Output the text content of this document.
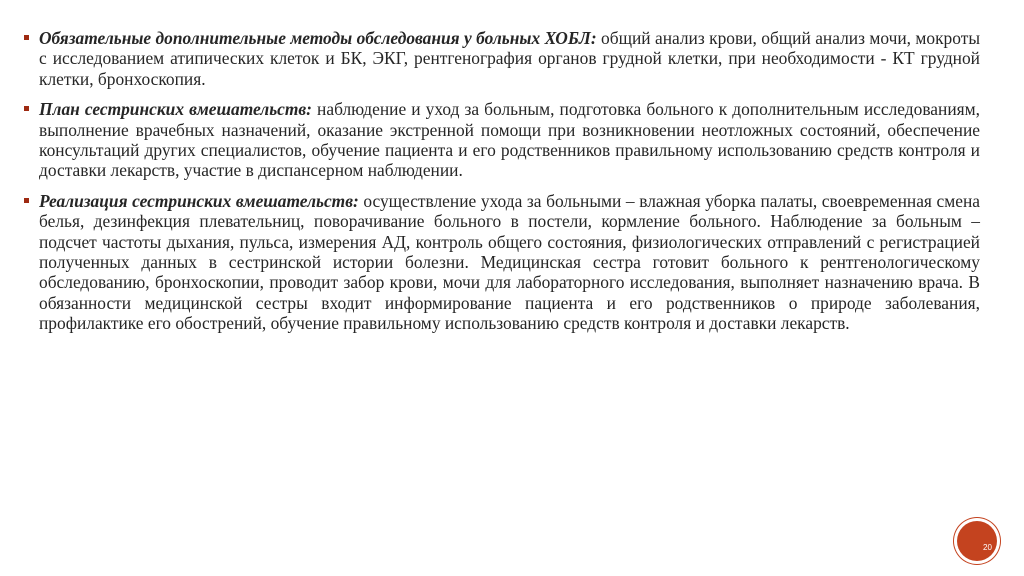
Обязательные дополнительные методы обследования у больных ХОБЛ: общий анализ крови, общий анализ мочи, мокроты с исследованием атипических клеток и БК, ЭКГ, рентгенография органов грудной клетки, при необходимости - КТ грудной клетки, бронхоскопия.
План сестринских вмешательств: наблюдение и уход за больным, подготовка больного к дополнительным исследованиям, выполнение врачебных назначений, оказание экстренной помощи при возникновении неотложных состояний, обеспечение консультаций других специалистов, обучение пациента и его родственников правильному использованию средств контроля и доставки лекарств, участие в диспансерном наблюдении.
Реализация сестринских вмешательств: осуществление ухода за больными – влажная уборка палаты, своевременная смена белья, дезинфекция плевательниц, поворачивание больного в постели, кормление больного. Наблюдение за больным – подсчет частоты дыхания, пульса, измерения АД, контроль общего состояния, физиологических отправлений с регистрацией полученных данных в сестринской истории болезни. Медицинская сестра готовит больного к рентгенологическому обследованию, бронхоскопии, проводит забор крови, мочи для лабораторного исследования, выполняет назначению врача. В обязанности медицинской сестры входит информирование пациента и его родственников о природе заболевания, профилактике его обострений, обучение правильному использованию средств контроля и доставки лекарств.
20
